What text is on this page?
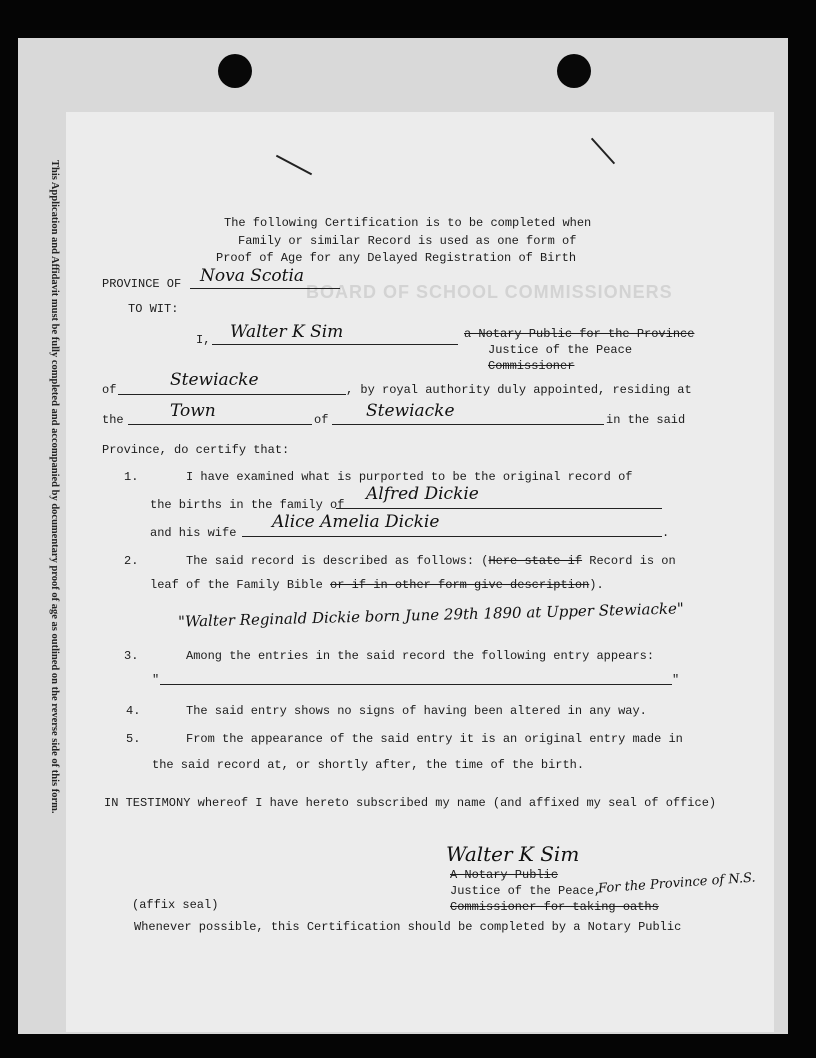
This Application and Affidavit must be fully completed and accompanied by documentary proof of age as outlined on the reverse side of this form.	BOARD OF SCHOOL COMMISSIONERS
The following Certification is to be completed when
Family or similar Record is used as one form of
Proof of Age for any Delayed Registration of Birth
PROVINCE OF Nova Scotia
TO WIT:
I, Walter K Sim	a Notary Public for the Province
Justice of the Peace
Commissioner
of	Stewiacke	, by royal authority duly appointed, residing at
the	Town	of Stewiacke	in the said
Province, do certify that:
1.	I have examined what is purported to be the original record of
the births in the family of
Alfred Dickie
and his wife
Alice Amelia Dickie
.
2.	The said record is described as follows: (Here state if Record is on
leaf of the Family Bible or if in other form give description).
"Walter Reginald Dickie born June 29th 1890 at Upper Stewiacke"
3.	Among the entries in the said record the following entry appears:
"	"
4.	The said entry shows no signs of having been altered in any way.
5.	From the appearance of the said entry it is an original entry made in
the said record at, or shortly after, the time of the birth.
IN TESTIMONY whereof I have hereto subscribed my name (and affixed my seal of office)
Walter K Sim
A Notary Public
Justice of the Peace,
For the Province of N.S.
Commissioner for taking oaths
(affix seal)
Whenever possible, this Certification should be completed by a Notary Public
